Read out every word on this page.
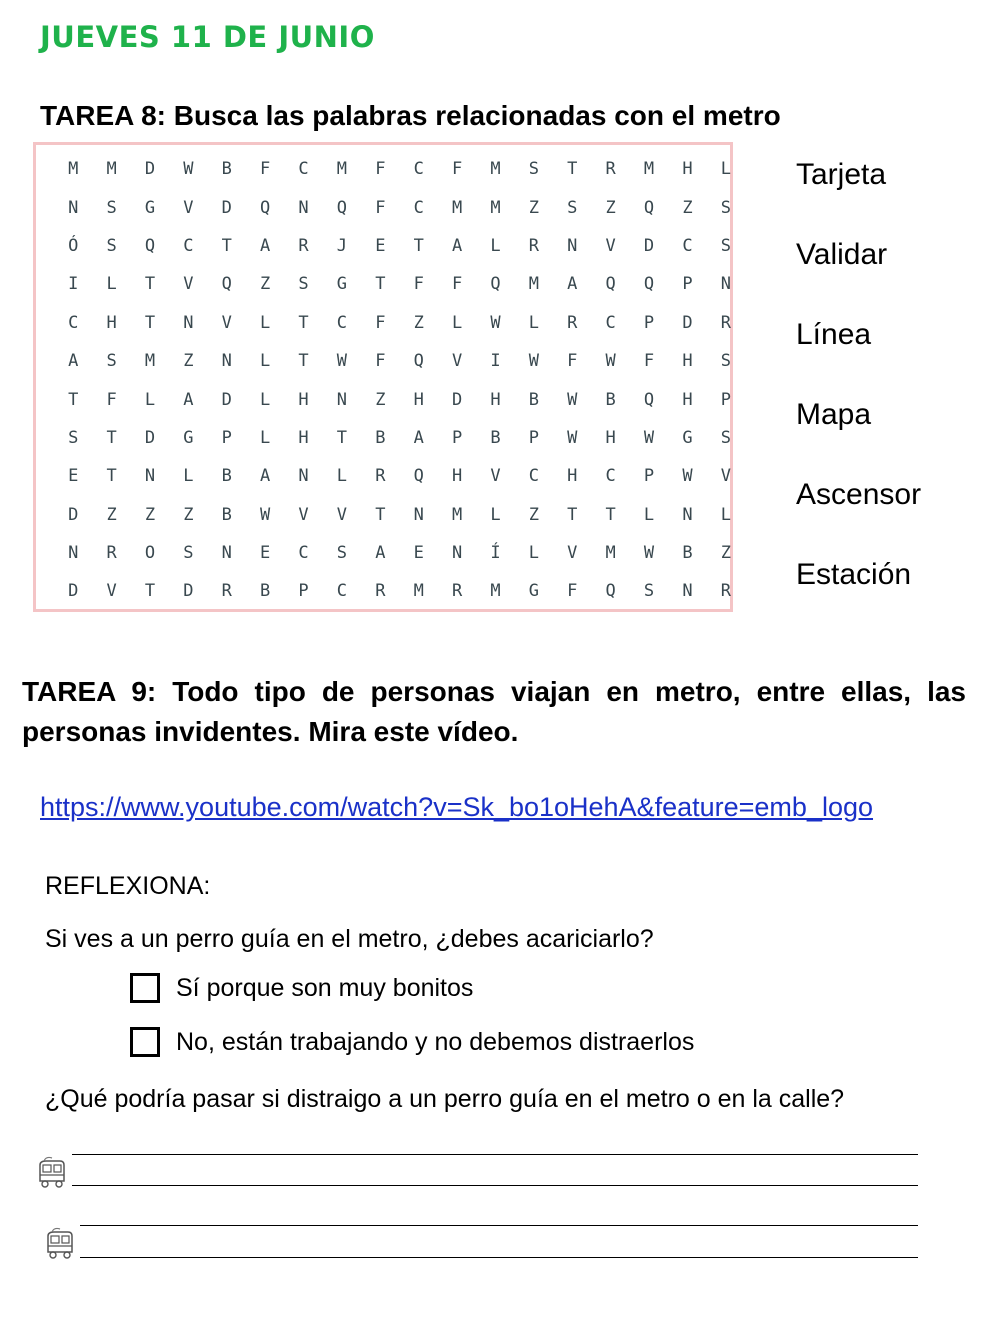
JUEVES 11 DE JUNIO
TAREA 8: Busca las palabras relacionadas con el metro
M	M	D	W	B	F	C	M	F	C	F	M	S	T	R	M	H	L
N	S	G	V	D	Q	N	Q	F	C	M	M	Z	S	Z	Q	Z	S
Ó	S	Q	C	T	A	R	J	E	T	A	L	R	N	V	D	C	S
I	L	T	V	Q	Z	S	G	T	F	F	Q	M	A	Q	Q	P	N
C	H	T	N	V	L	T	C	F	Z	L	W	L	R	C	P	D	R
A	S	M	Z	N	L	T	W	F	Q	V	I	W	F	W	F	H	S
T	F	L	A	D	L	H	N	Z	H	D	H	B	W	B	Q	H	P
S	T	D	G	P	L	H	T	B	A	P	B	P	W	H	W	G	S
E	T	N	L	B	A	N	L	R	Q	H	V	C	H	C	P	W	V
D	Z	Z	Z	B	W	V	V	T	N	M	L	Z	T	T	L	N	L
N	R	O	S	N	E	C	S	A	E	N	Í	L	V	M	W	B	Z
D	V	T	D	R	B	P	C	R	M	R	M	G	F	Q	S	N	R
Tarjeta
Validar
Línea
Mapa
Ascensor
Estación
TAREA 9: Todo tipo de personas viajan en metro, entre ellas, las personas invidentes. Mira este vídeo.
https://www.youtube.com/watch?v=Sk_bo1oHehA&feature=emb_logo
REFLEXIONA:
Si ves a un perro guía en el metro, ¿debes acariciarlo?
Sí porque son muy bonitos
No, están trabajando y no debemos distraerlos
¿Qué podría pasar si distraigo a un perro guía en el metro o en la calle?
